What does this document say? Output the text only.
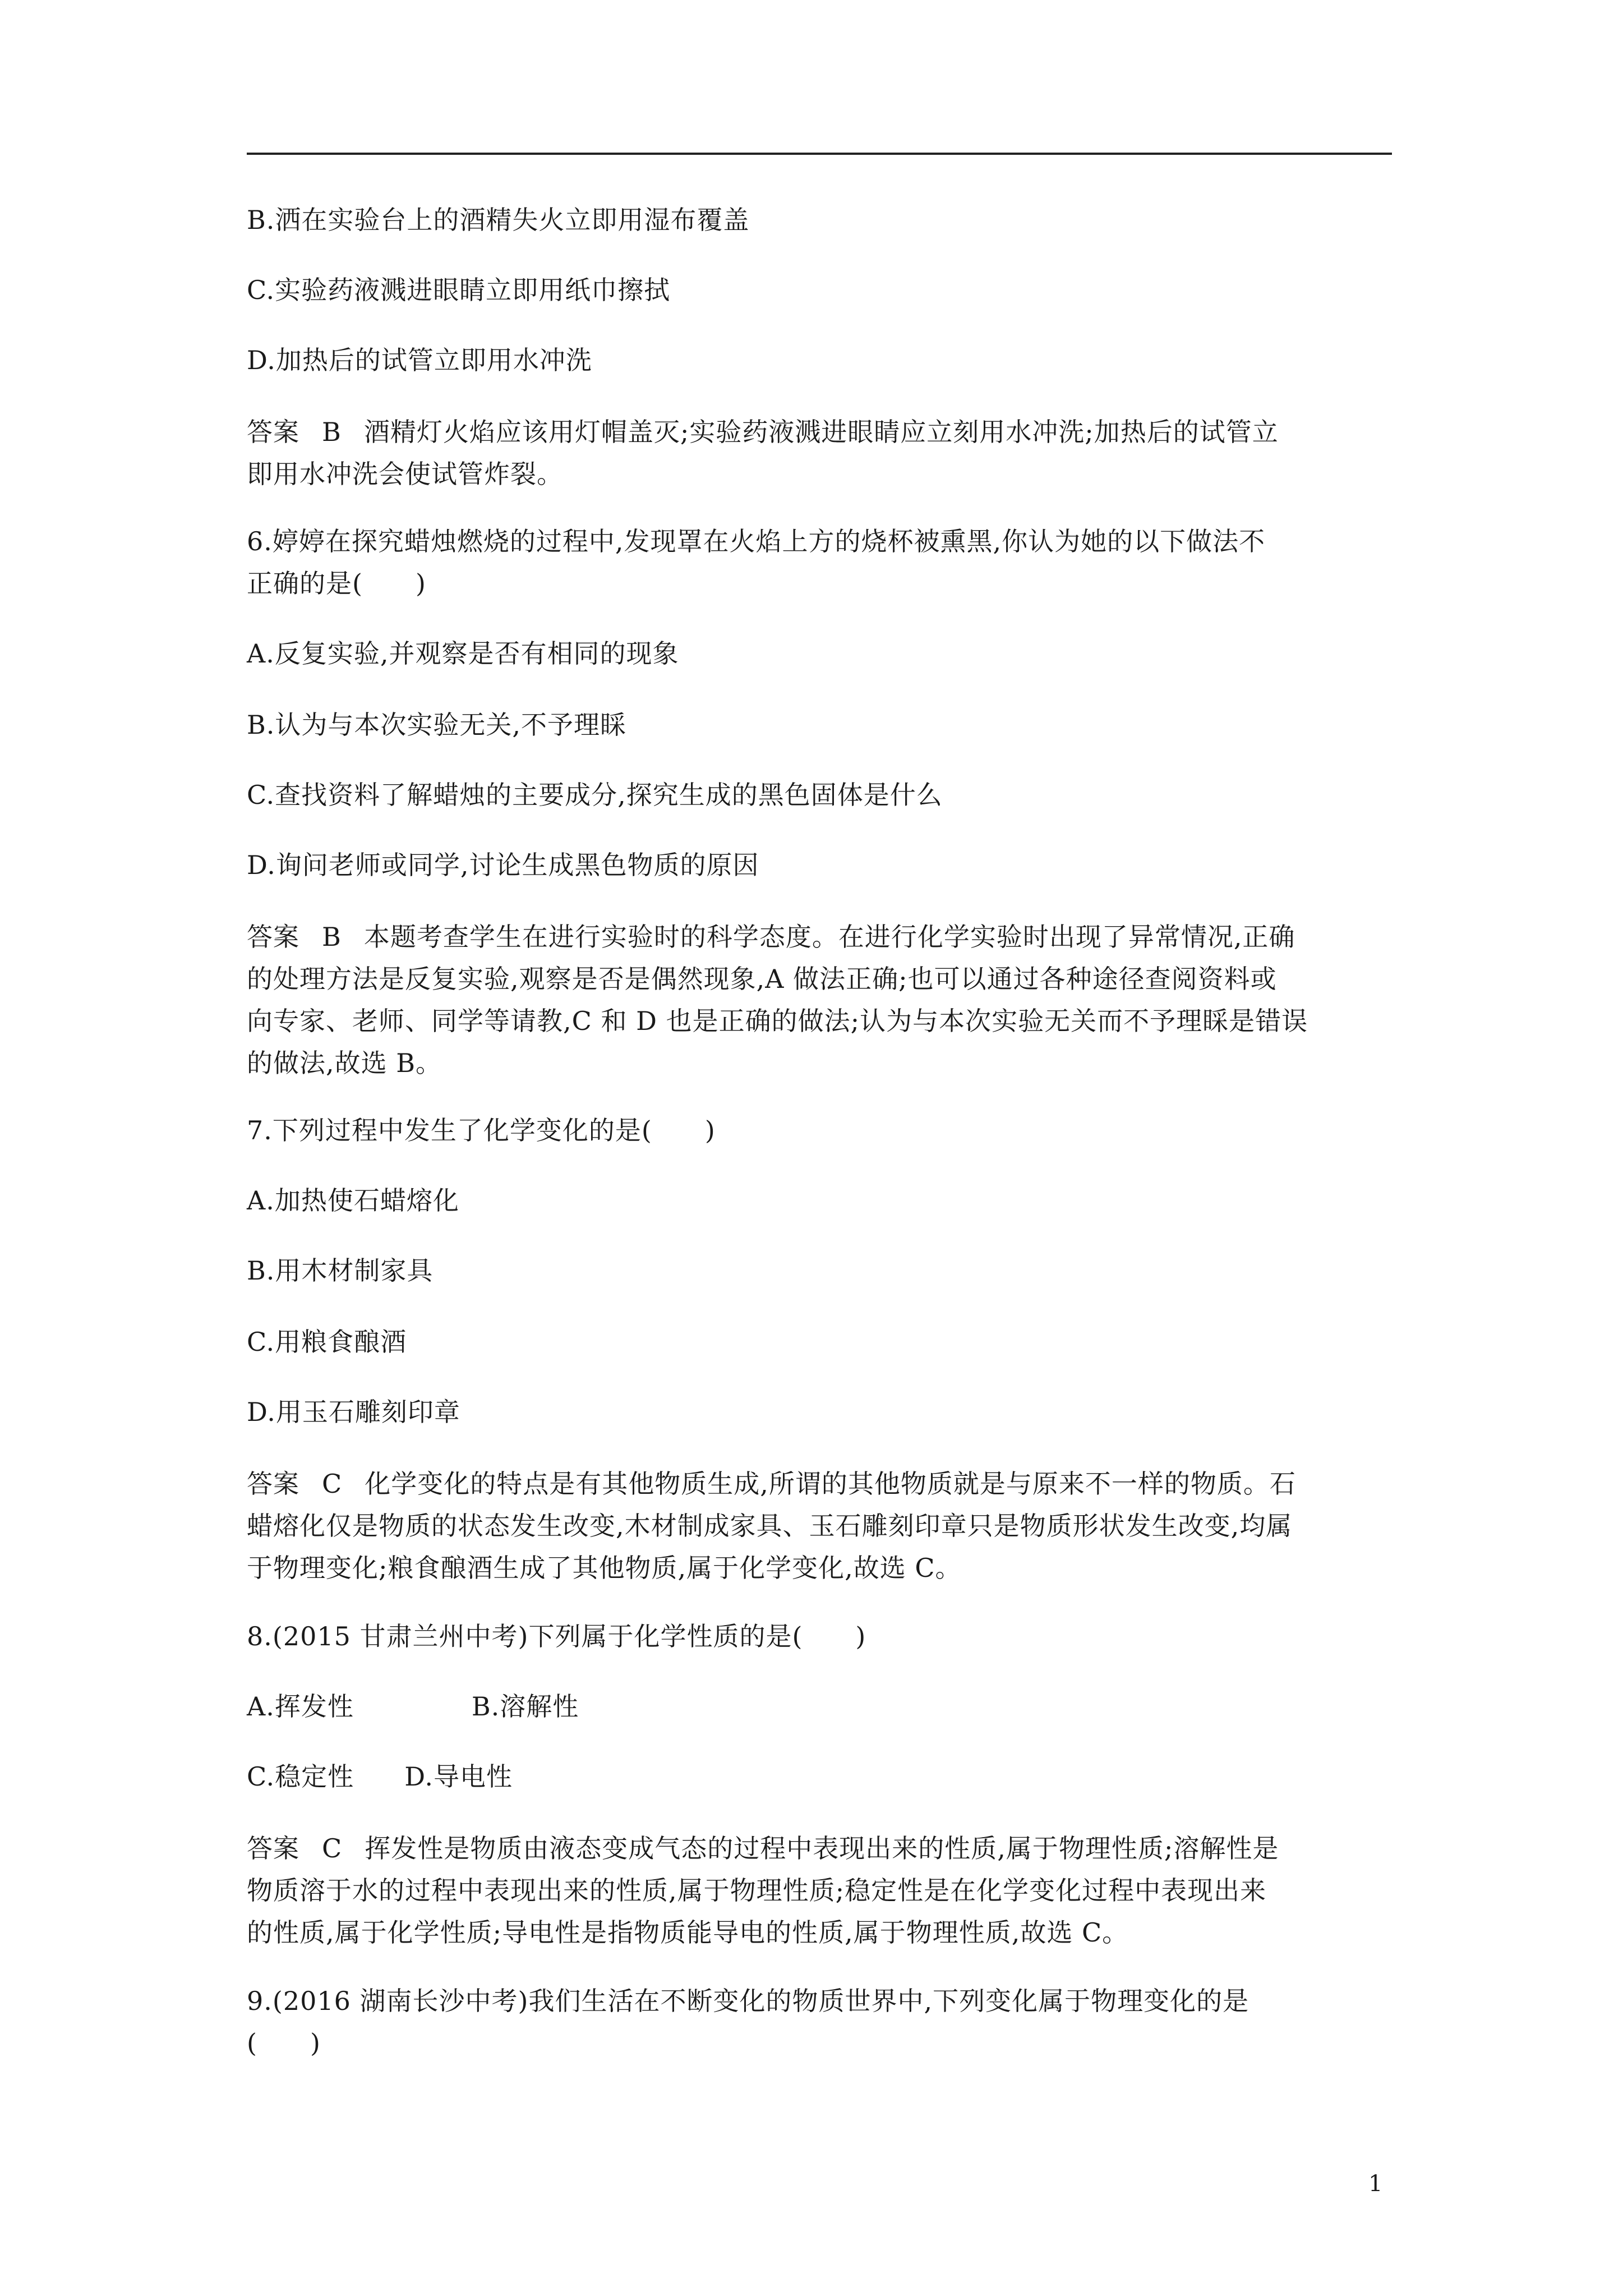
B.洒在实验台上的酒精失火立即用湿布覆盖
C.实验药液溅进眼睛立即用纸巾擦拭
D.加热后的试管立即用水冲洗
答案 B 酒精灯火焰应该用灯帽盖灭;实验药液溅进眼睛应立刻用水冲洗;加热后的试管立
即用水冲洗会使试管炸裂。
6.婷婷在探究蜡烛燃烧的过程中,发现罩在火焰上方的烧杯被熏黑,你认为她的以下做法不
正确的是(　　)
A.反复实验,并观察是否有相同的现象
B.认为与本次实验无关,不予理睬
C.查找资料了解蜡烛的主要成分,探究生成的黑色固体是什么
D.询问老师或同学,讨论生成黑色物质的原因
答案 B 本题考查学生在进行实验时的科学态度。在进行化学实验时出现了异常情况,正确
的处理方法是反复实验,观察是否是偶然现象,A 做法正确;也可以通过各种途径查阅资料或
向专家、老师、同学等请教,C 和 D 也是正确的做法;认为与本次实验无关而不予理睬是错误
的做法,故选 B。
7.下列过程中发生了化学变化的是(　　)
A.加热使石蜡熔化
B.用木材制家具
C.用粮食酿酒
D.用玉石雕刻印章
答案 C 化学变化的特点是有其他物质生成,所谓的其他物质就是与原来不一样的物质。石
蜡熔化仅是物质的状态发生改变,木材制成家具、玉石雕刻印章只是物质形状发生改变,均属
于物理变化;粮食酿酒生成了其他物质,属于化学变化,故选 C。
8.(2015 甘肃兰州中考)下列属于化学性质的是(　　)
A.挥发性	B.溶解性
C.稳定性 D.导电性
答案 C 挥发性是物质由液态变成气态的过程中表现出来的性质,属于物理性质;溶解性是
物质溶于水的过程中表现出来的性质,属于物理性质;稳定性是在化学变化过程中表现出来
的性质,属于化学性质;导电性是指物质能导电的性质,属于物理性质,故选 C。
9.(2016 湖南长沙中考)我们生活在不断变化的物质世界中,下列变化属于物理变化的是
(　　)
1
